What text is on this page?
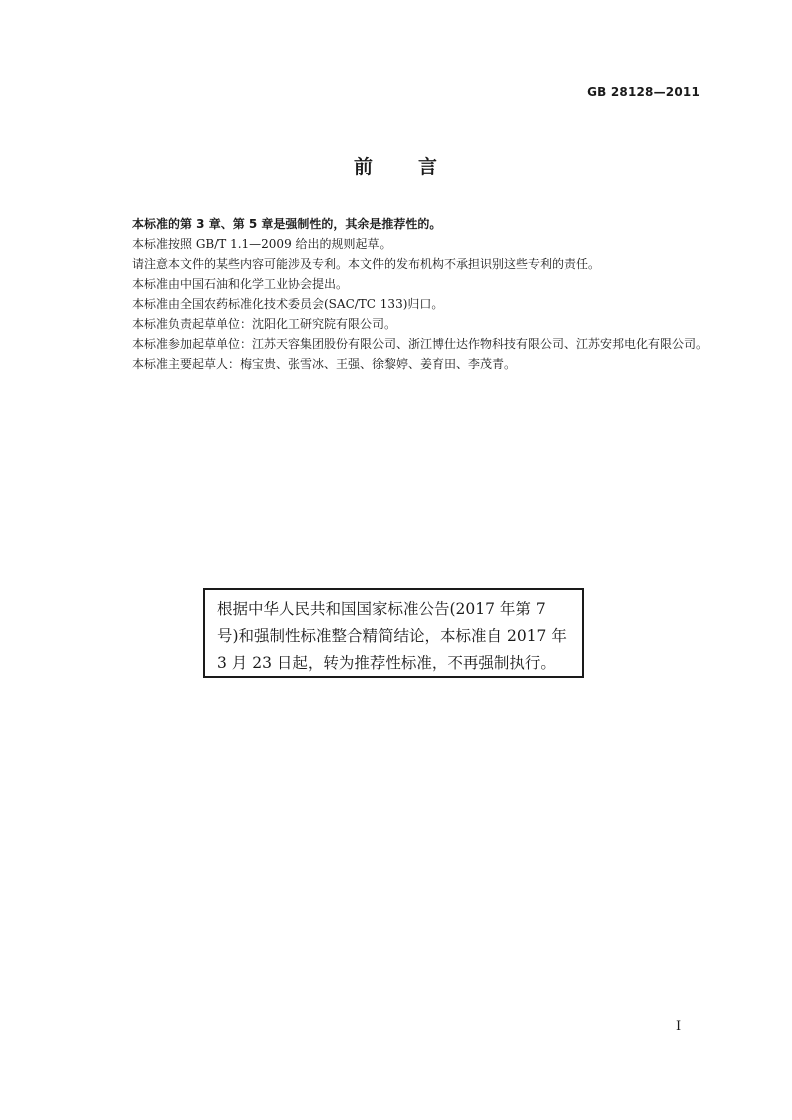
GB 28128—2011
前 言

本标准的第 3 章、第 5 章是强制性的，其余是推荐性的。

本标准按照 GB/T 1.1—2009 给出的规则起草。

请注意本文件的某些内容可能涉及专利。本文件的发布机构不承担识别这些专利的责任。

本标准由中国石油和化学工业协会提出。

本标准由全国农药标准化技术委员会(SAC/TC 133)归口。

本标准负责起草单位：沈阳化工研究院有限公司。

本标准参加起草单位：江苏天容集团股份有限公司、浙江博仕达作物科技有限公司、江苏安邦电化有限公司。

本标准主要起草人：梅宝贵、张雪冰、王强、徐黎婷、姜育田、李茂青。

根据中华人民共和国国家标准公告(2017 年第 7 号)和强制性标准整合精简结论，本标准自 2017 年 3 月 23 日起，转为推荐性标准，不再强制执行。
I
